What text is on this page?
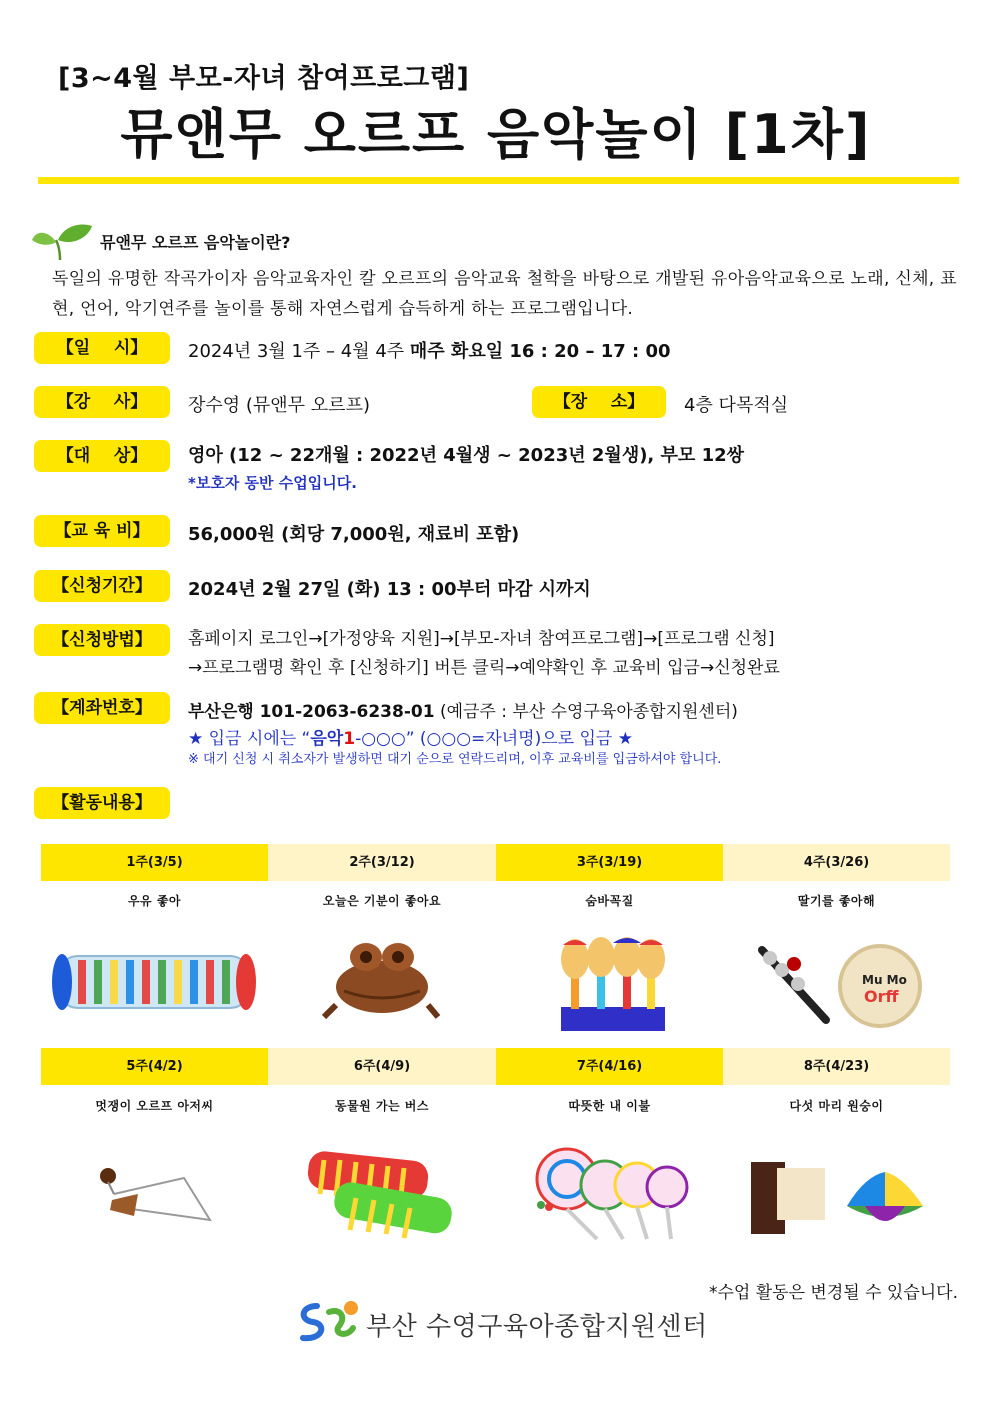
[3~4월 부모-자녀 참여프로그램]
뮤앤무 오르프 음악놀이 [1차]
뮤앤무 오르프 음악놀이란?
독일의 유명한 작곡가이자 음악교육자인 칼 오르프의 음악교육 철학을 바탕으로 개발된 유아음악교육으로 노래, 신체, 표현, 언어, 악기연주를 놀이를 통해 자연스럽게 습득하게 하는 프로그램입니다.
【일    시】	2024년 3월 1주 – 4월 4주 매주 화요일 16 : 20 – 17 : 00
【강    사】	장수영 (뮤앤무 오르프)	【장    소】	4층 다목적실
【대    상】	영아 (12 ~ 22개월 : 2022년 4월생 ~ 2023년 2월생), 부모 12쌍
*보호자 동반 수업입니다.
【교 육 비】	56,000원 (회당 7,000원, 재료비 포함)
【신청기간】	2024년 2월 27일 (화) 13 : 00부터 마감 시까지
【신청방법】	홈페이지 로그인→[가정양육 지원]→[부모-자녀 참여프로그램]→[프로그램 신청]
→프로그램명 확인 후 [신청하기] 버튼 클릭→예약확인 후 교육비 입금→신청완료
【계좌번호】	부산은행 101-2063-6238-01 (예금주 : 부산 수영구육아종합지원센터)
★ 입금 시에는 “음악1-○○○” (○○○=자녀명)으로 입금 ★
※ 대기 신청 시 취소자가 발생하면 대기 순으로 연락드리며, 이후 교육비를 입금하셔야 합니다.
【활동내용】
1주(3/5)	2주(3/12)	3주(3/19)	4주(3/26)
우유 좋아	오늘은 기분이 좋아요	숨바꼭질	딸기를 좋아해
Mu Mo
Orff
5주(4/2)	6주(4/9)	7주(4/16)	8주(4/23)
멋쟁이 오르프 아저씨	동물원 가는 버스	따뜻한 내 이불	다섯 마리 원숭이
*수업 활동은 변경될 수 있습니다.
부산 수영구육아종합지원센터
